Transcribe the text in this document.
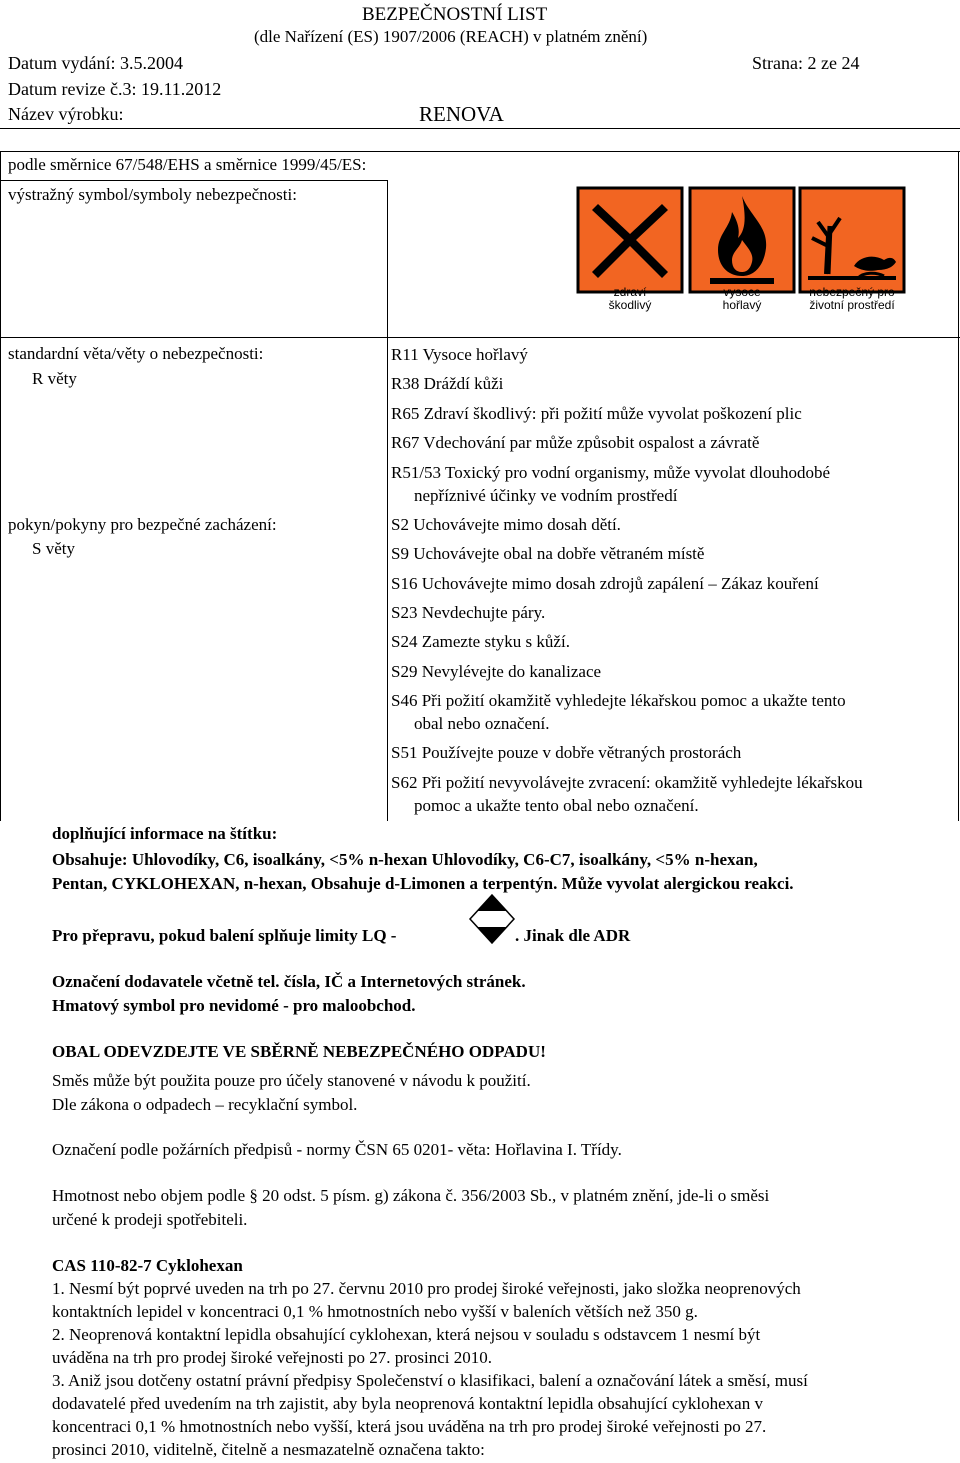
BEZPEČNOSTNÍ LIST
(dle Nařízení (ES) 1907/2006 (REACH) v platném znění)
Datum vydání: 3.5.2004	Strana: 2 ze 24
Datum revize č.3: 19.11.2012
Název výrobku:	RENOVA
podle směrnice 67/548/EHS a směrnice 1999/45/ES:
výstražný symbol/symboly nebezpečnosti:
zdraví
škodlivý
vysoce
hořlavý
nebezpečný pro
životní prostředí
standardní věta/věty o nebezpečnosti:
R věty
R11 Vysoce hořlavý
R38 Dráždí kůži
R65 Zdraví škodlivý: při požití může vyvolat poškození plic
R67 Vdechování par může způsobit ospalost a závratě
R51/53 Toxický pro vodní organismy, může vyvolat dlouhodobé
nepříznivé účinky ve vodním prostředí
pokyn/pokyny pro bezpečné zacházení:
S věty
S2 Uchovávejte mimo dosah dětí.
S9 Uchovávejte obal na dobře větraném místě
S16 Uchovávejte mimo dosah zdrojů zapálení – Zákaz kouření
S23 Nevdechujte páry.
S24 Zamezte styku s kůží.
S29 Nevylévejte do kanalizace
S46 Při požití okamžitě vyhledejte lékařskou pomoc a ukažte tento
obal nebo označení.
S51 Používejte pouze v dobře větraných prostorách
S62 Při požití nevyvolávejte zvracení: okamžitě vyhledejte lékařskou
pomoc a ukažte tento obal nebo označení.
doplňující informace na štítku:
Obsahuje: Uhlovodíky, C6, isoalkány, <5% n-hexan Uhlovodíky, C6-C7, isoalkány, <5% n-hexan,
Pentan, CYKLOHEXAN, n-hexan, Obsahuje d-Limonen a terpentýn. Může vyvolat alergickou reakci.
Pro přepravu, pokud balení splňuje limity LQ -	. Jinak dle ADR
Označení dodavatele včetně tel. čísla, IČ a Internetových stránek.
Hmatový symbol pro nevidomé - pro maloobchod.
OBAL ODEVZDEJTE VE SBĚRNĚ NEBEZPEČNÉHO ODPADU!
Směs může být použita pouze pro účely stanovené v návodu k použití.
Dle zákona o odpadech – recyklační symbol.
Označení podle požárních předpisů - normy ČSN 65 0201- věta: Hořlavina I. Třídy.
Hmotnost nebo objem podle § 20 odst. 5 písm. g) zákona č. 356/2003 Sb., v platném znění, jde-li o směsi
určené k prodeji spotřebiteli.
CAS 110-82-7 Cyklohexan
1. Nesmí být poprvé uveden na trh po 27. červnu 2010 pro prodej široké veřejnosti, jako složka neoprenových
kontaktních lepidel v koncentraci 0,1 % hmotnostních nebo vyšší v baleních větších než 350 g.
2. Neoprenová kontaktní lepidla obsahující cyklohexan, která nejsou v souladu s odstavcem 1 nesmí být
uváděna na trh pro prodej široké veřejnosti po 27. prosinci 2010.
3. Aniž jsou dotčeny ostatní právní předpisy Společenství o klasifikaci, balení a označování látek a směsí, musí
dodavatelé před uvedením na trh zajistit, aby byla neoprenová kontaktní lepidla obsahující cyklohexan v
koncentraci 0,1 % hmotnostních nebo vyšší, která jsou uváděna na trh pro prodej široké veřejnosti po 27.
prosinci 2010, viditelně, čitelně a nesmazatelně označena takto:
